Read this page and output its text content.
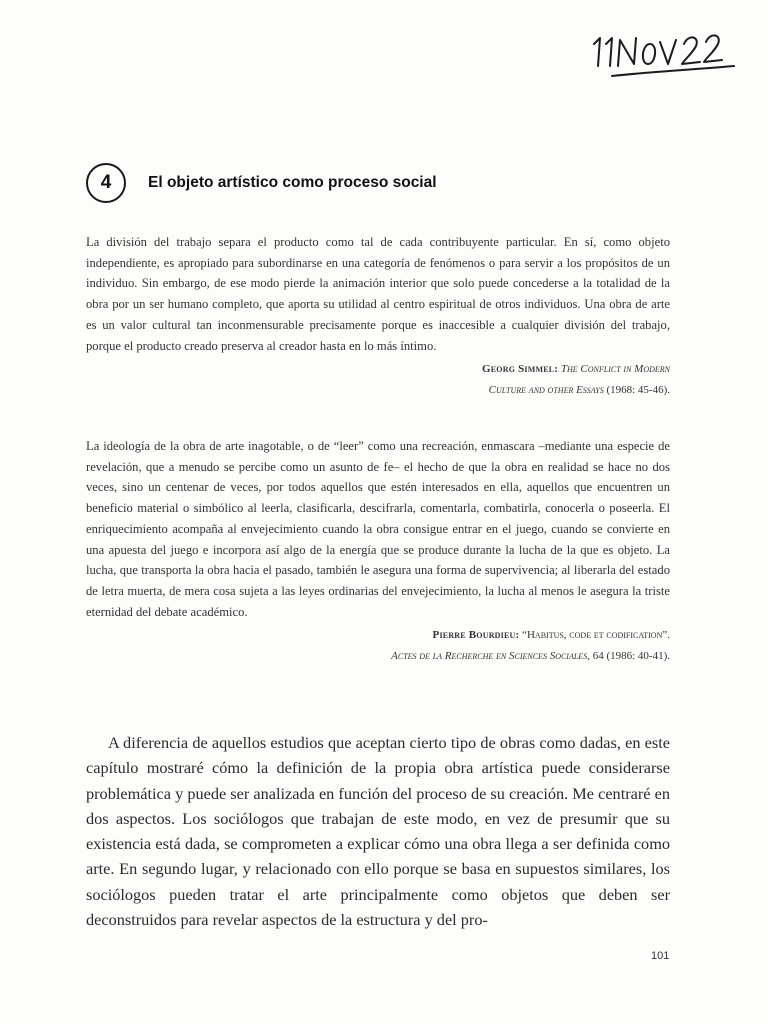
4	El objeto artístico como proceso social

La división del trabajo separa el producto como tal de cada contribuyente particular. En sí, como objeto independiente, es apropiado para subordinarse en una categoría de fenómenos o para servir a los propósitos de un individuo. Sin embargo, de ese modo pierde la animación interior que solo puede concederse a la totalidad de la obra por un ser humano completo, que aporta su utilidad al centro espiritual de otros individuos. Una obra de arte es un valor cultural tan inconmensurable precisamente porque es inaccesible a cualquier división del trabajo, porque el producto creado preserva al creador hasta en lo más íntimo.

Georg Simmel: The Conflict in Modern
Culture and other Essays (1968: 45-46).

La ideología de la obra de arte inagotable, o de “leer” como una recreación, enmascara –mediante una especie de revelación, que a menudo se percibe como un asunto de fe– el hecho de que la obra en realidad se hace no dos veces, sino un centenar de veces, por todos aquellos que estén interesados en ella, aquellos que encuentren un beneficio material o simbólico al leerla, clasificarla, descifrarla, comentarla, combatirla, conocerla o poseerla. El enriquecimiento acompaña al envejecimiento cuando la obra consigue entrar en el juego, cuando se convierte en una apuesta del juego e incorpora así algo de la energía que se produce durante la lucha de la que es objeto. La lucha, que transporta la obra hacia el pasado, también le asegura una forma de supervivencia; al liberarla del estado de letra muerta, de mera cosa sujeta a las leyes ordinarias del envejecimiento, la lucha al menos le asegura la triste eternidad del debate académico.

Pierre Bourdieu: “Habitus, code et codification”.
Actes de la Recherche en Sciences Sociales, 64 (1986: 40-41).

A diferencia de aquellos estudios que aceptan cierto tipo de obras como dadas, en este capítulo mostraré cómo la definición de la propia obra artística puede considerarse problemática y puede ser analizada en función del proceso de su creación. Me centraré en dos aspectos. Los sociólogos que trabajan de este modo, en vez de presumir que su existencia está dada, se comprometen a explicar cómo una obra llega a ser definida como arte. En segundo lugar, y relacionado con ello porque se basa en supuestos similares, los sociólogos pueden tratar el arte principalmente como objetos que deben ser deconstruidos para revelar aspectos de la estructura y del pro-

101
